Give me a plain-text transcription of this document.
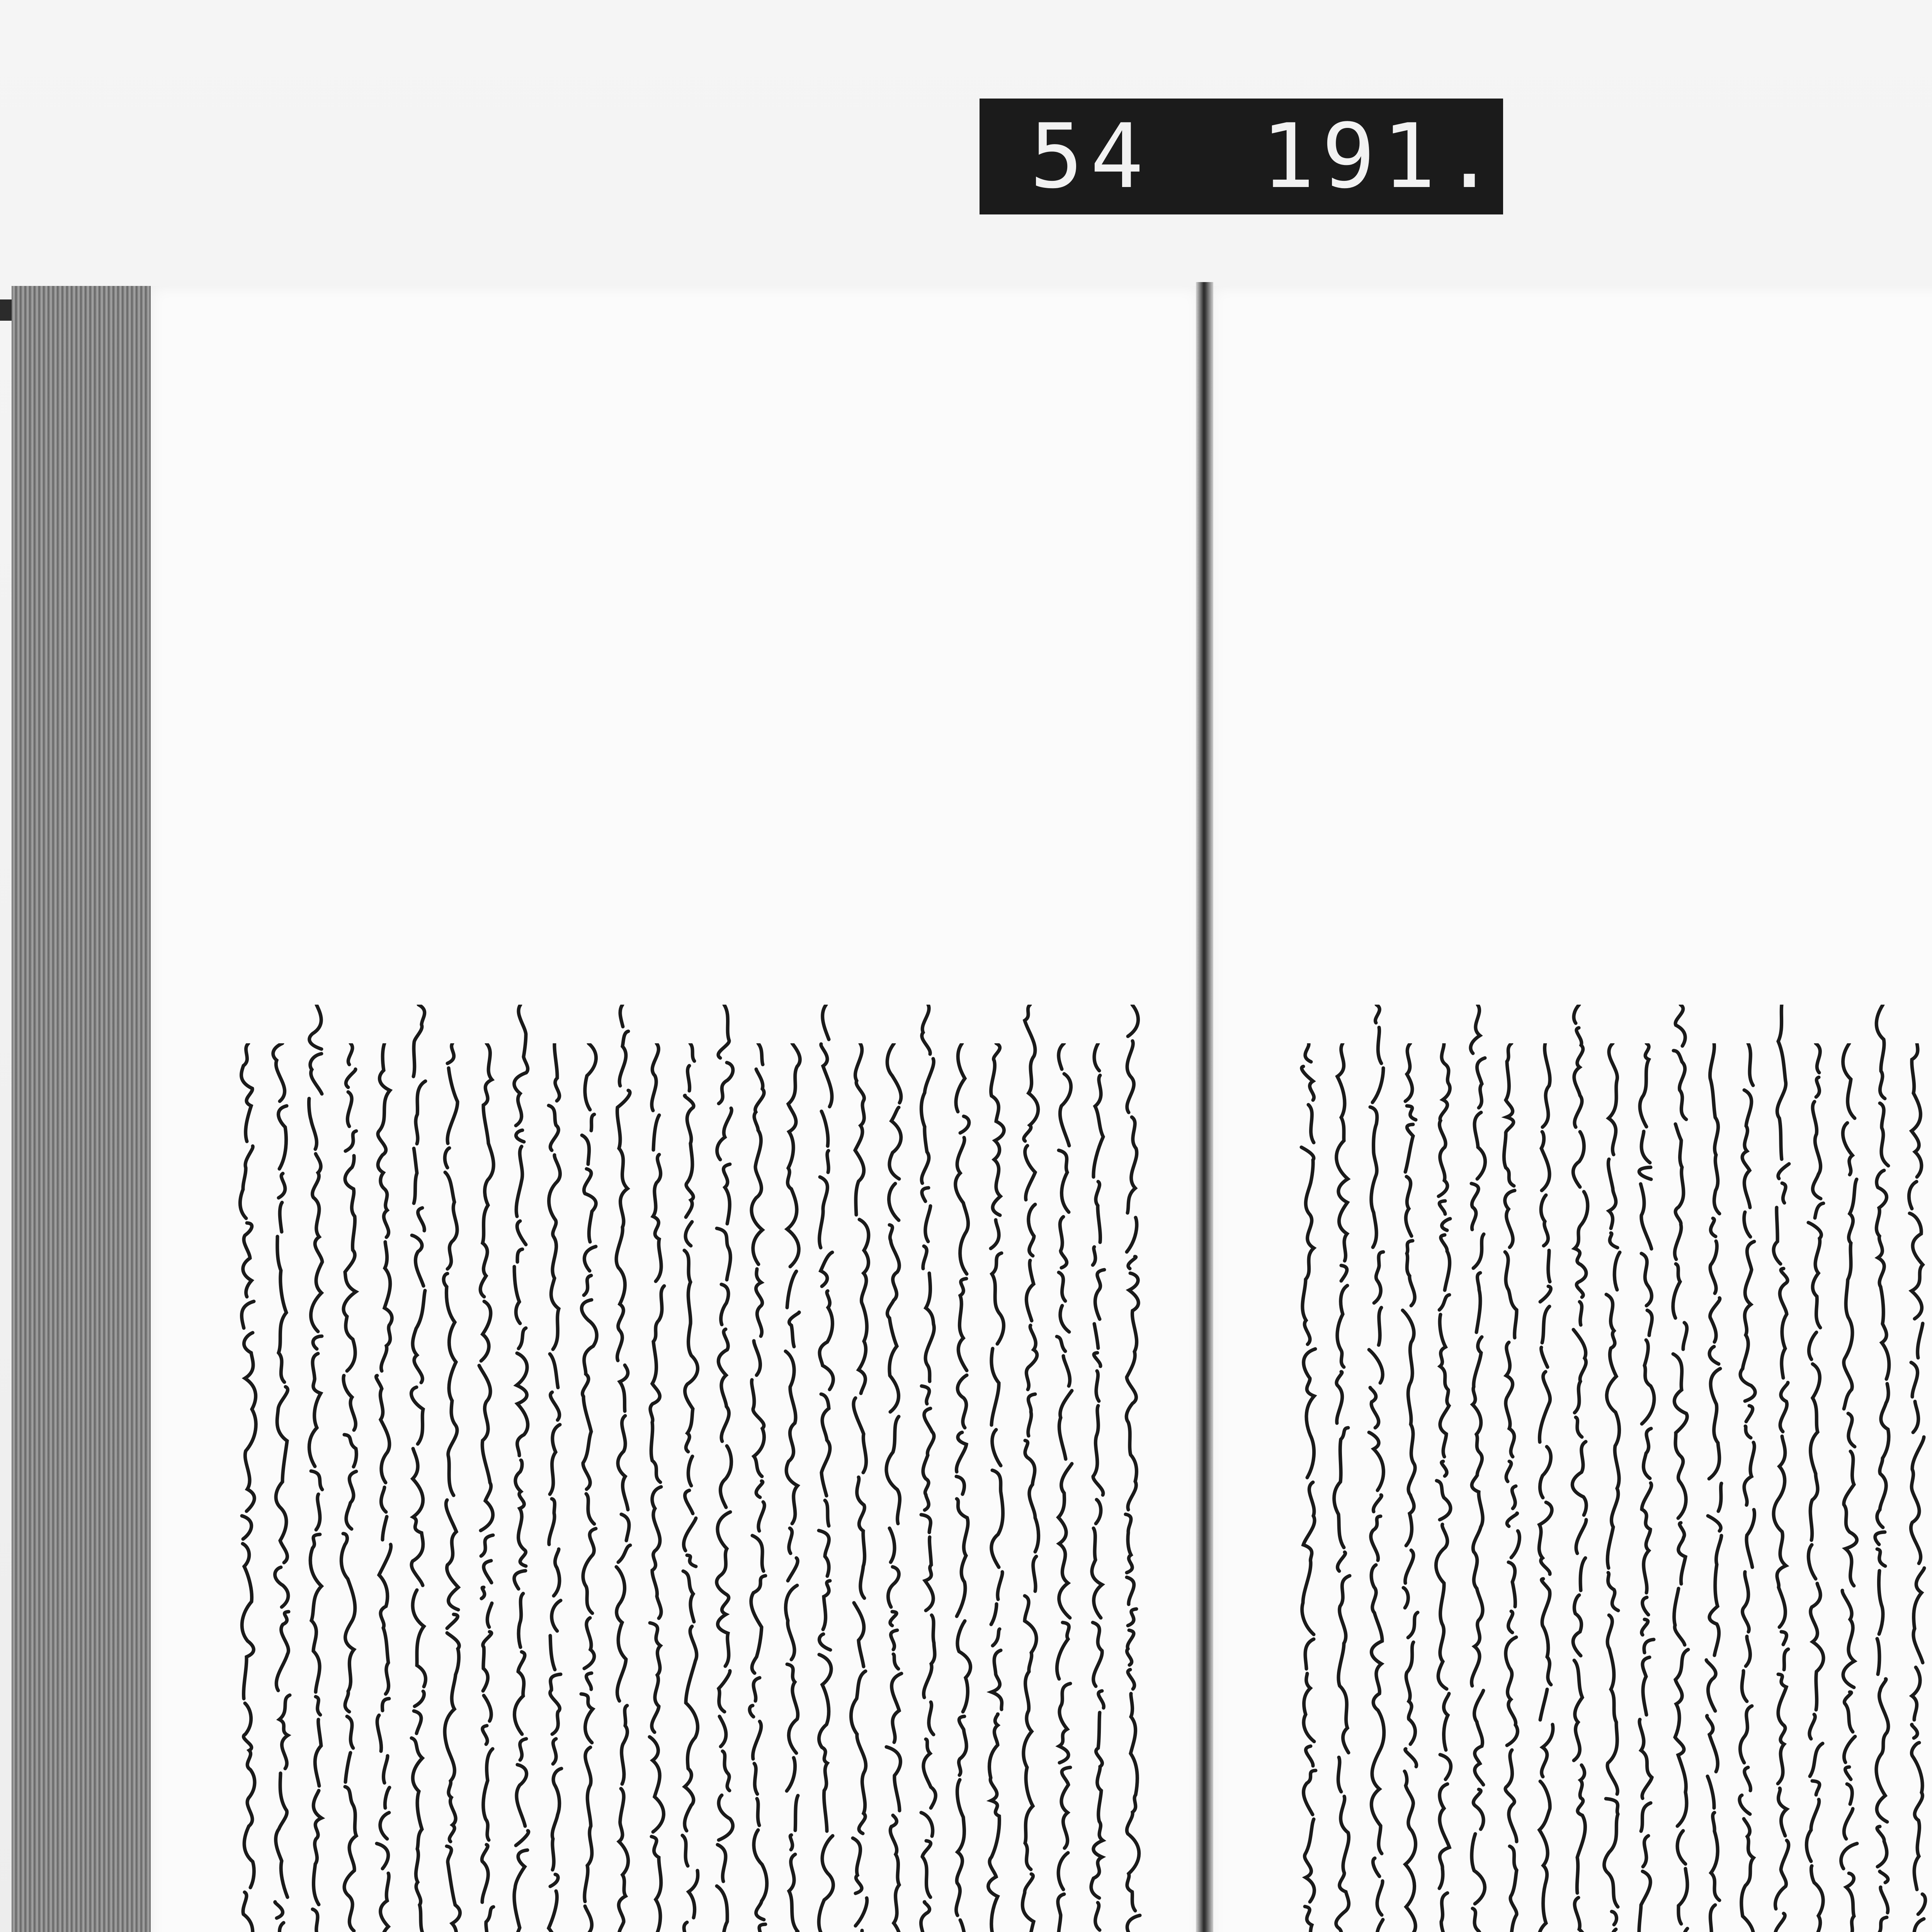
54 191.
